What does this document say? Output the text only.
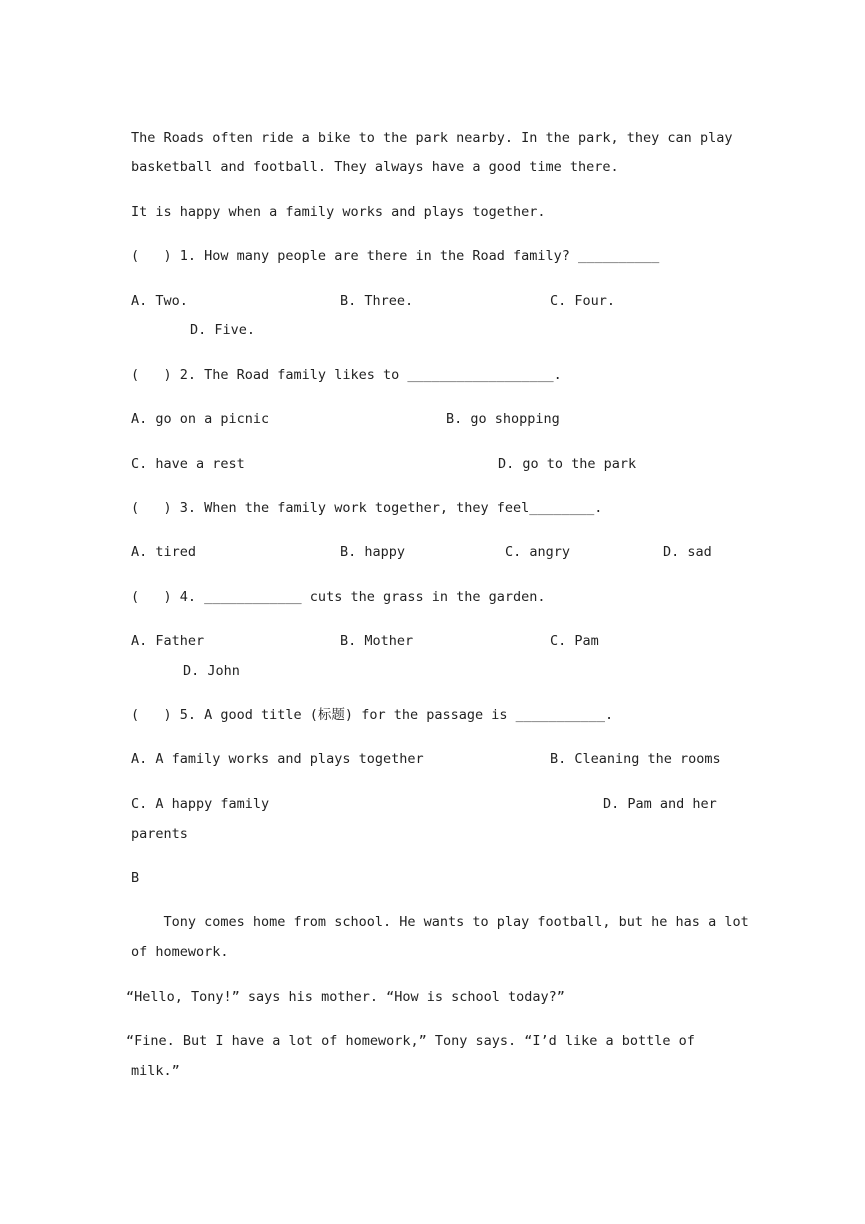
The Roads often ride a bike to the park nearby. In the park, they can play
basketball and football. They always have a good time there.
It is happy when a family works and plays together.
(   ) 1. How many people are there in the Road family? __________
A. Two.	B. Three.	C. Four.
D. Five.
(   ) 2. The Road family likes to __________________.
A. go on a picnic	B. go shopping
C. have a rest	D. go to the park
(   ) 3. When the family work together, they feel________.
A. tired	B. happy	C. angry	D. sad
(   ) 4. ____________ cuts the grass in the garden.
A. Father	B. Mother	C. Pam
D. John
(   ) 5. A good title (标题) for the passage is ___________.
A. A family works and plays together	B. Cleaning the rooms
C. A happy family	D. Pam and her
parents
B
Tony comes home from school. He wants to play football, but he has a lot
of homework.
“Hello, Tony!” says his mother. “How is school today?”
“Fine. But I have a lot of homework,” Tony says. “I’d like a bottle of
milk.”
